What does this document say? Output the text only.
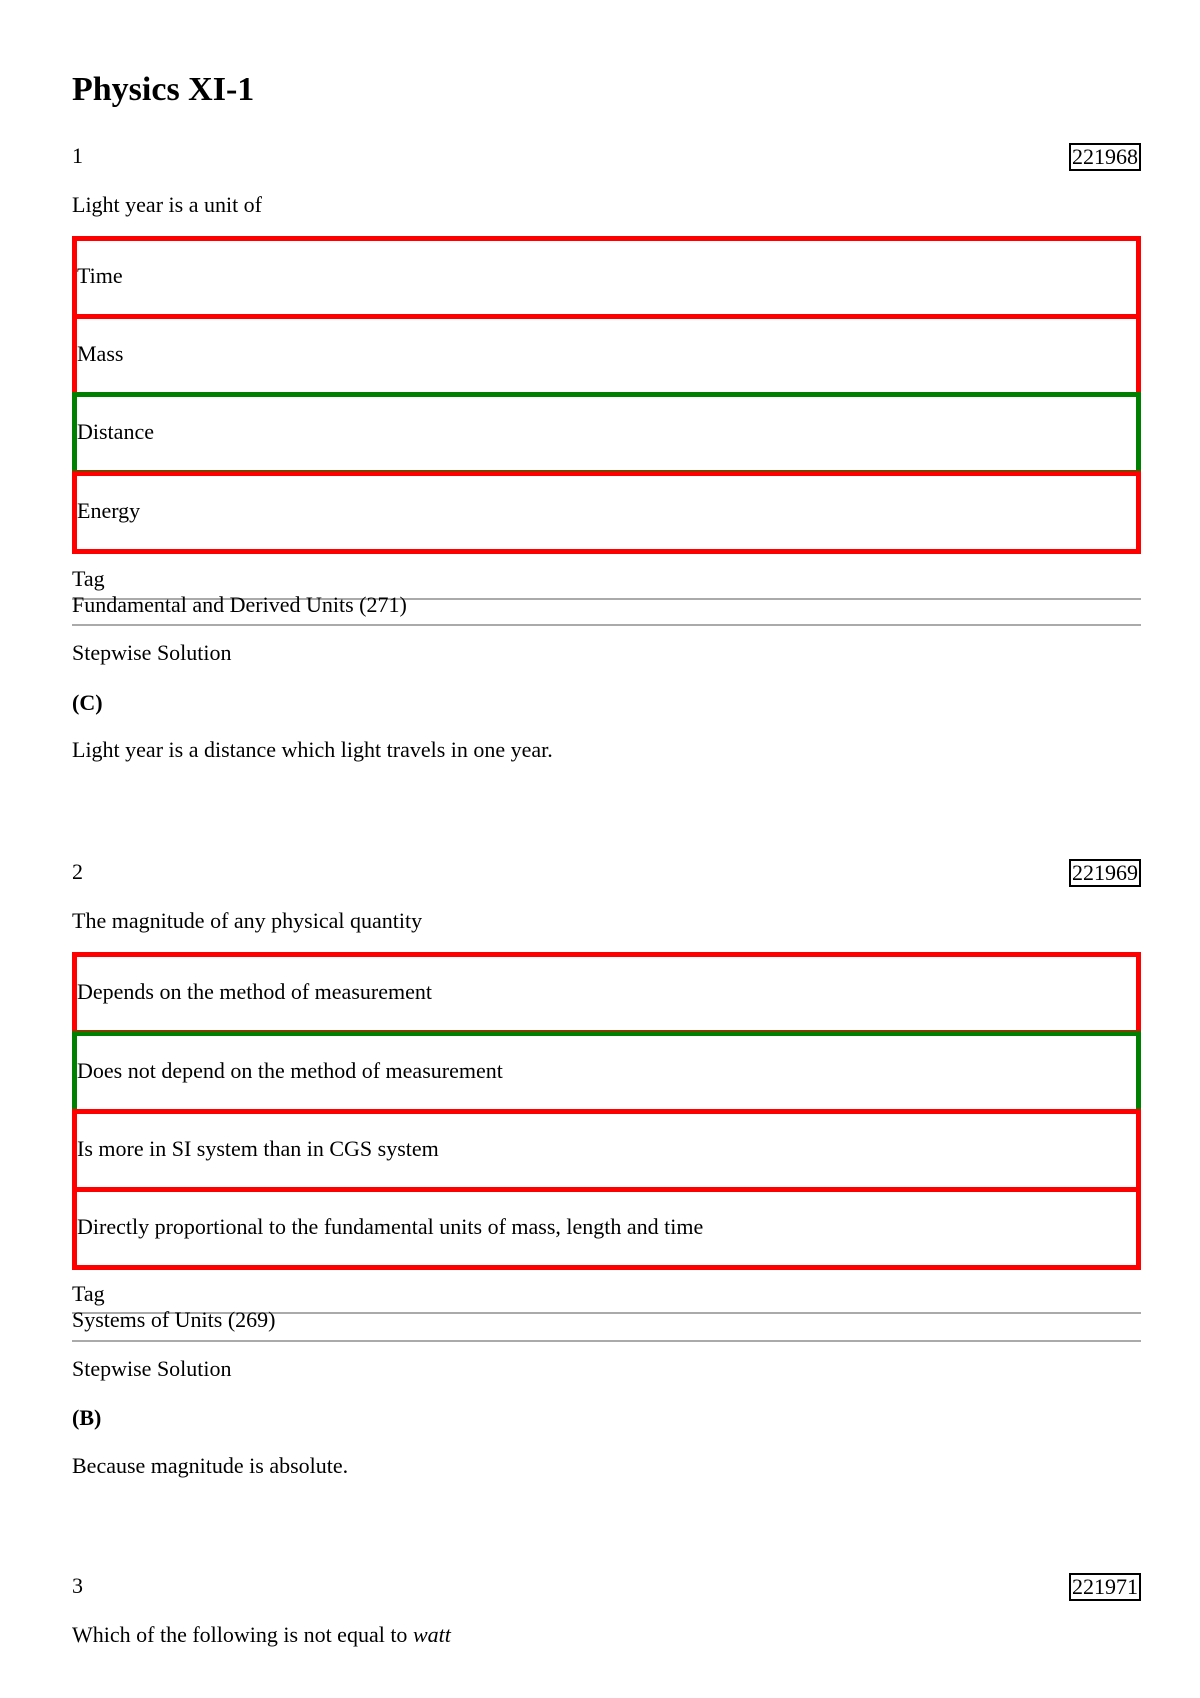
Physics XI-1
1	221968
Light year is a unit of
Time
Mass
Distance
Energy
Tag
Fundamental and Derived Units (271)
Stepwise Solution
(C)
Light year is a distance which light travels in one year.
2	221969
The magnitude of any physical quantity
Depends on the method of measurement
Does not depend on the method of measurement
Is more in SI system than in CGS system
Directly proportional to the fundamental units of mass, length and time
Tag
Systems of Units (269)
Stepwise Solution
(B)
Because magnitude is absolute.
3	221971
Which of the following is not equal to watt
